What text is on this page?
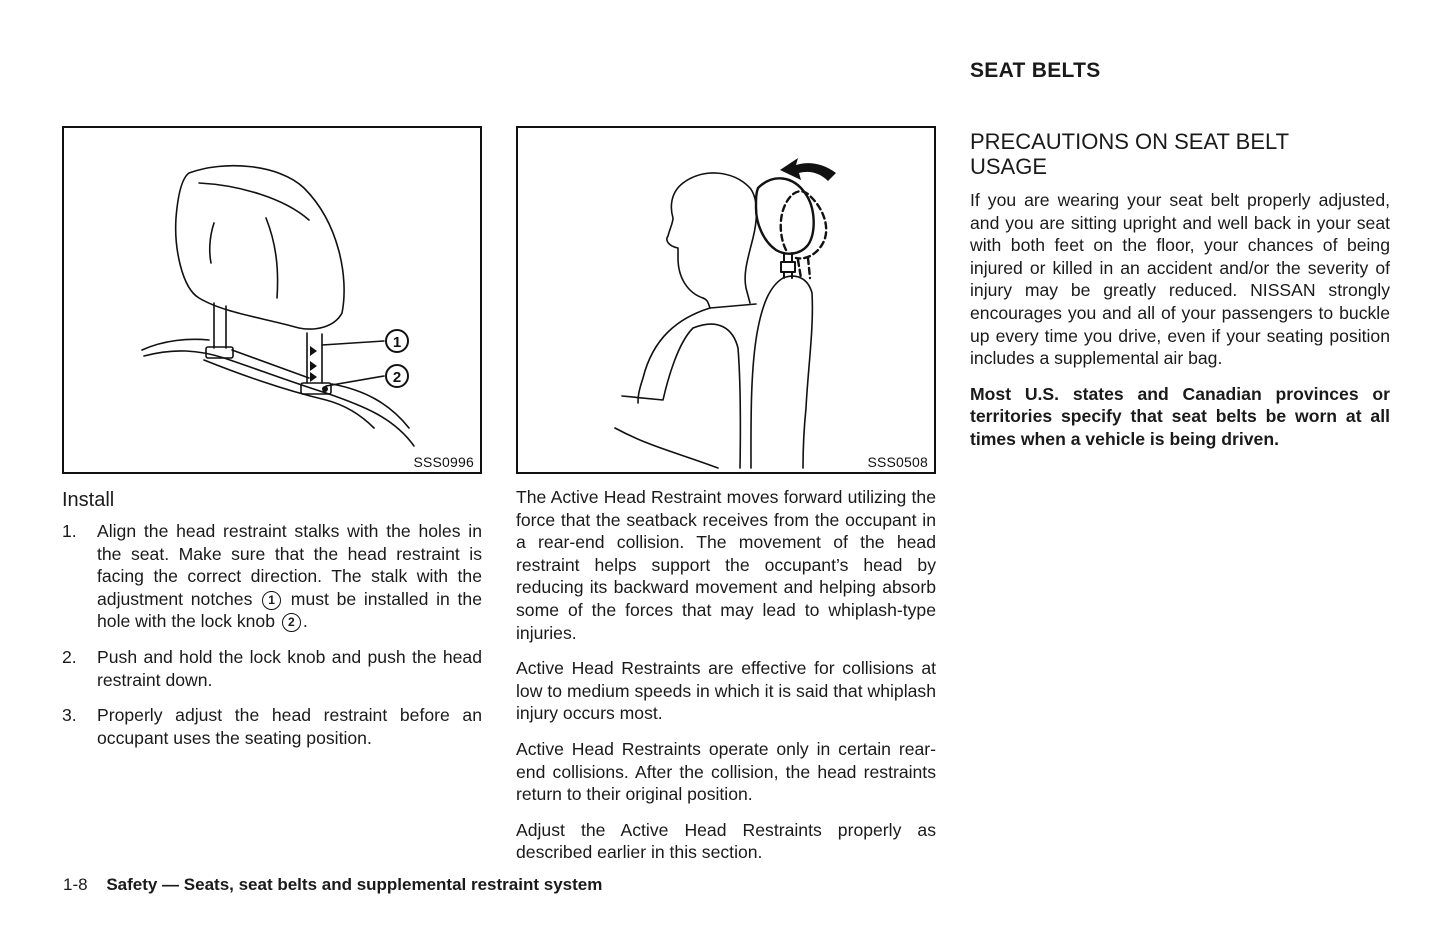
SEAT BELTS
1
2
SSS0996	SSS0508
Install
1. Align the head restraint stalks with the holes in the seat. Make sure that the head restraint is facing the correct direction. The stalk with the adjustment notches 1 must be installed in the hole with the lock knob 2 .
2. Push and hold the lock knob and push the head restraint down.
3. Properly adjust the head restraint before an occupant uses the seating position.

The Active Head Restraint moves forward utilizing the force that the seatback receives from the occupant in a rear-end collision. The movement of the head restraint helps support the occupant’s head by reducing its backward movement and helping absorb some of the forces that may lead to whiplash-type injuries.

Active Head Restraints are effective for collisions at low to medium speeds in which it is said that whiplash injury occurs most.

Active Head Restraints operate only in certain rear-end collisions. After the collision, the head restraints return to their original position.

Adjust the Active Head Restraints properly as described earlier in this section.

PRECAUTIONS ON SEAT BELT USAGE

If you are wearing your seat belt properly adjusted, and you are sitting upright and well back in your seat with both feet on the floor, your chances of being injured or killed in an accident and/or the severity of injury may be greatly reduced. NISSAN strongly encourages you and all of your passengers to buckle up every time you drive, even if your seating position includes a supplemental air bag.

Most U.S. states and Canadian provinces or territories specify that seat belts be worn at all times when a vehicle is being driven.

1-8 Safety — Seats, seat belts and supplemental restraint system
